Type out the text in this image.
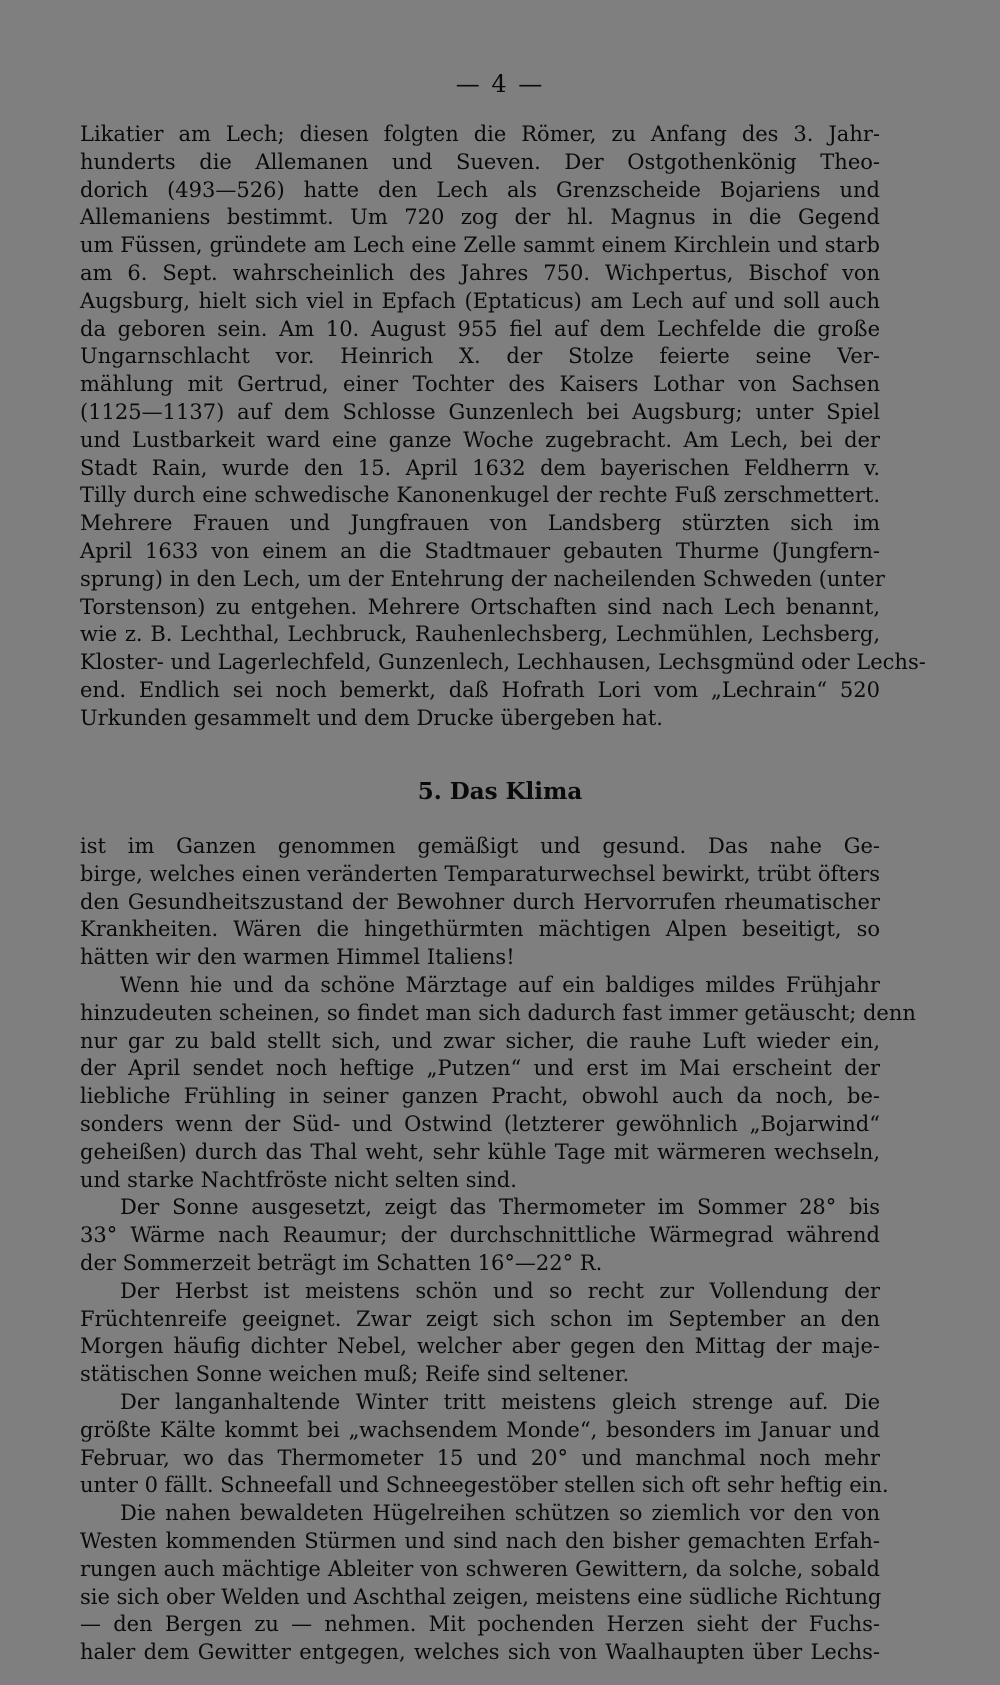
— 4 —
Likatier am Lech; diesen folgten die Römer, zu Anfang des 3. Jahr-
hunderts die Allemanen und Sueven. Der Ostgothenkönig Theo-
dorich (493—526) hatte den Lech als Grenzscheide Bojariens und
Allemaniens bestimmt. Um 720 zog der hl. Magnus in die Gegend
um Füssen, gründete am Lech eine Zelle sammt einem Kirchlein und starb
am 6. Sept. wahrscheinlich des Jahres 750. Wichpertus, Bischof von
Augsburg, hielt sich viel in Epfach (Eptaticus) am Lech auf und soll auch
da geboren sein. Am 10. August 955 fiel auf dem Lechfelde die große
Ungarnschlacht vor. Heinrich X. der Stolze feierte seine Ver-
mählung mit Gertrud, einer Tochter des Kaisers Lothar von Sachsen
(1125—1137) auf dem Schlosse Gunzenlech bei Augsburg; unter Spiel
und Lustbarkeit ward eine ganze Woche zugebracht. Am Lech, bei der
Stadt Rain, wurde den 15. April 1632 dem bayerischen Feldherrn v.
Tilly durch eine schwedische Kanonenkugel der rechte Fuß zerschmettert.
Mehrere Frauen und Jungfrauen von Landsberg stürzten sich im
April 1633 von einem an die Stadtmauer gebauten Thurme (Jungfern-
sprung) in den Lech, um der Entehrung der nacheilenden Schweden (unter
Torstenson) zu entgehen. Mehrere Ortschaften sind nach Lech benannt,
wie z. B. Lechthal, Lechbruck, Rauhenlechsberg, Lechmühlen, Lechsberg,
Kloster- und Lagerlechfeld, Gunzenlech, Lechhausen, Lechsgmünd oder Lechs-
end. Endlich sei noch bemerkt, daß Hofrath Lori vom „Lechrain“ 520
Urkunden gesammelt und dem Drucke übergeben hat.
5. Das Klima
ist im Ganzen genommen gemäßigt und gesund. Das nahe Ge-
birge, welches einen veränderten Temparaturwechsel bewirkt, trübt öfters
den Gesundheitszustand der Bewohner durch Hervorrufen rheumatischer
Krankheiten. Wären die hingethürmten mächtigen Alpen beseitigt, so
hätten wir den warmen Himmel Italiens!
Wenn hie und da schöne Märztage auf ein baldiges mildes Frühjahr
hinzudeuten scheinen, so findet man sich dadurch fast immer getäuscht; denn
nur gar zu bald stellt sich, und zwar sicher, die rauhe Luft wieder ein,
der April sendet noch heftige „Putzen“ und erst im Mai erscheint der
liebliche Frühling in seiner ganzen Pracht, obwohl auch da noch, be-
sonders wenn der Süd- und Ostwind (letzterer gewöhnlich „Bojarwind“
geheißen) durch das Thal weht, sehr kühle Tage mit wärmeren wechseln,
und starke Nachtfröste nicht selten sind.
Der Sonne ausgesetzt, zeigt das Thermometer im Sommer 28° bis
33° Wärme nach Reaumur; der durchschnittliche Wärmegrad während
der Sommerzeit beträgt im Schatten 16°—22° R.
Der Herbst ist meistens schön und so recht zur Vollendung der
Früchtenreife geeignet. Zwar zeigt sich schon im September an den
Morgen häufig dichter Nebel, welcher aber gegen den Mittag der maje-
stätischen Sonne weichen muß; Reife sind seltener.
Der langanhaltende Winter tritt meistens gleich strenge auf. Die
größte Kälte kommt bei „wachsendem Monde“, besonders im Januar und
Februar, wo das Thermometer 15 und 20° und manchmal noch mehr
unter 0 fällt. Schneefall und Schneegestöber stellen sich oft sehr heftig ein.
Die nahen bewaldeten Hügelreihen schützen so ziemlich vor den von
Westen kommenden Stürmen und sind nach den bisher gemachten Erfah-
rungen auch mächtige Ableiter von schweren Gewittern, da solche, sobald
sie sich ober Welden und Aschthal zeigen, meistens eine südliche Richtung
— den Bergen zu — nehmen. Mit pochenden Herzen sieht der Fuchs-
haler dem Gewitter entgegen, welches sich von Waalhaupten über Lechs-
